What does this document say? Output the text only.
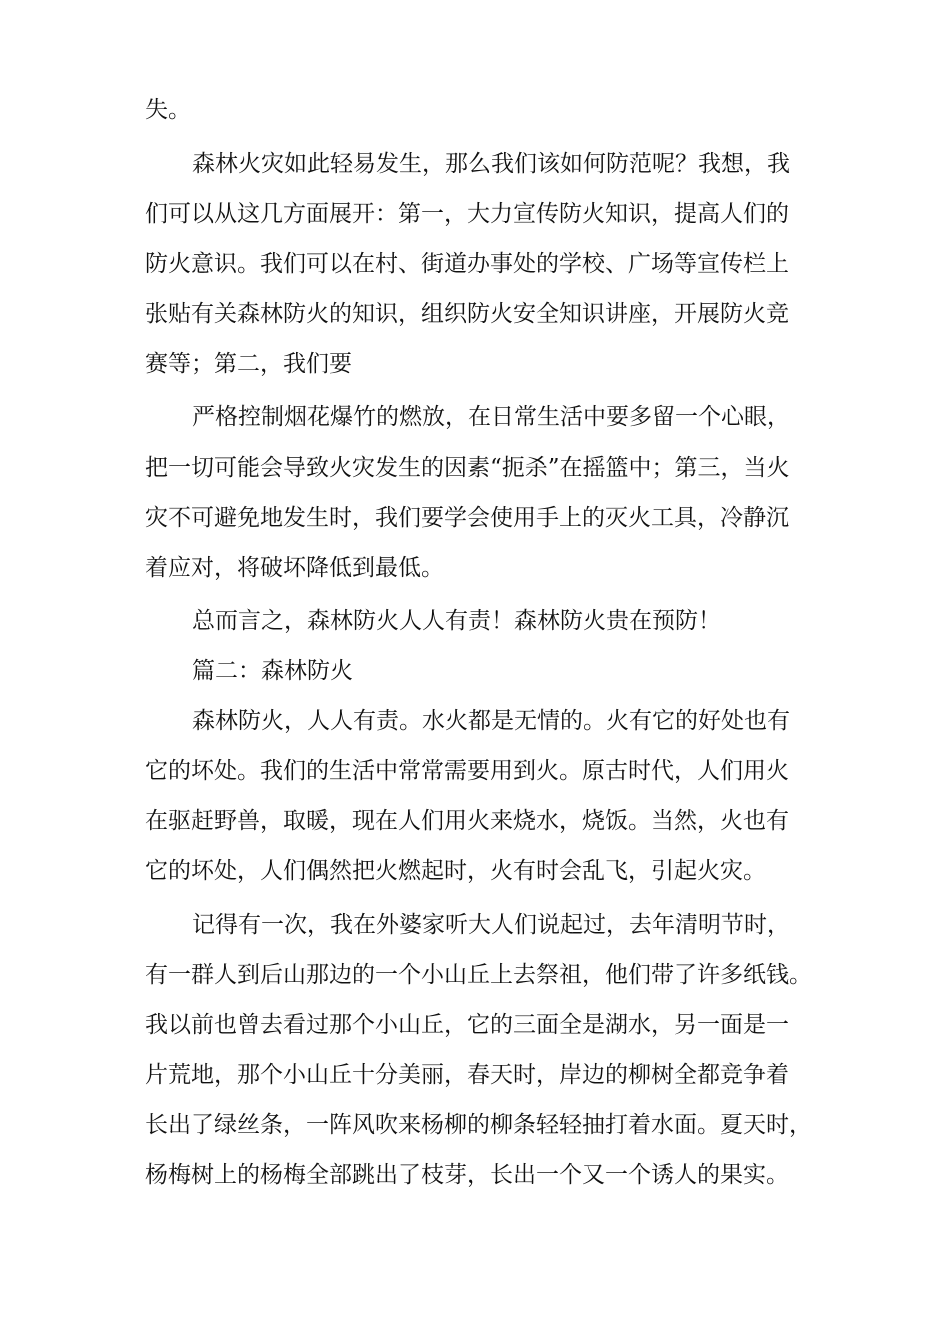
失。
森林火灾如此轻易发生，那么我们该如何防范呢？我想，我
们可以从这几方面展开：第一，大力宣传防火知识，提高人们的
防火意识。我们可以在村、街道办事处的学校、广场等宣传栏上
张贴有关森林防火的知识，组织防火安全知识讲座，开展防火竞
赛等；第二，我们要
严格控制烟花爆竹的燃放，在日常生活中要多留一个心眼，
把一切可能会导致火灾发生的因素“扼杀”在摇篮中；第三，当火
灾不可避免地发生时，我们要学会使用手上的灭火工具，冷静沉
着应对，将破坏降低到最低。
总而言之，森林防火人人有责！森林防火贵在预防！
篇二：森林防火
森林防火，人人有责。水火都是无情的。火有它的好处也有
它的坏处。我们的生活中常常需要用到火。原古时代，人们用火
在驱赶野兽，取暖，现在人们用火来烧水，烧饭。当然，火也有
它的坏处，人们偶然把火燃起时，火有时会乱飞，引起火灾。
记得有一次，我在外婆家听大人们说起过，去年清明节时，
有一群人到后山那边的一个小山丘上去祭祖，他们带了许多纸钱。
我以前也曾去看过那个小山丘，它的三面全是湖水，另一面是一
片荒地，那个小山丘十分美丽，春天时，岸边的柳树全都竞争着
长出了绿丝条，一阵风吹来杨柳的柳条轻轻抽打着水面。夏天时，
杨梅树上的杨梅全部跳出了枝芽，长出一个又一个诱人的果实。
